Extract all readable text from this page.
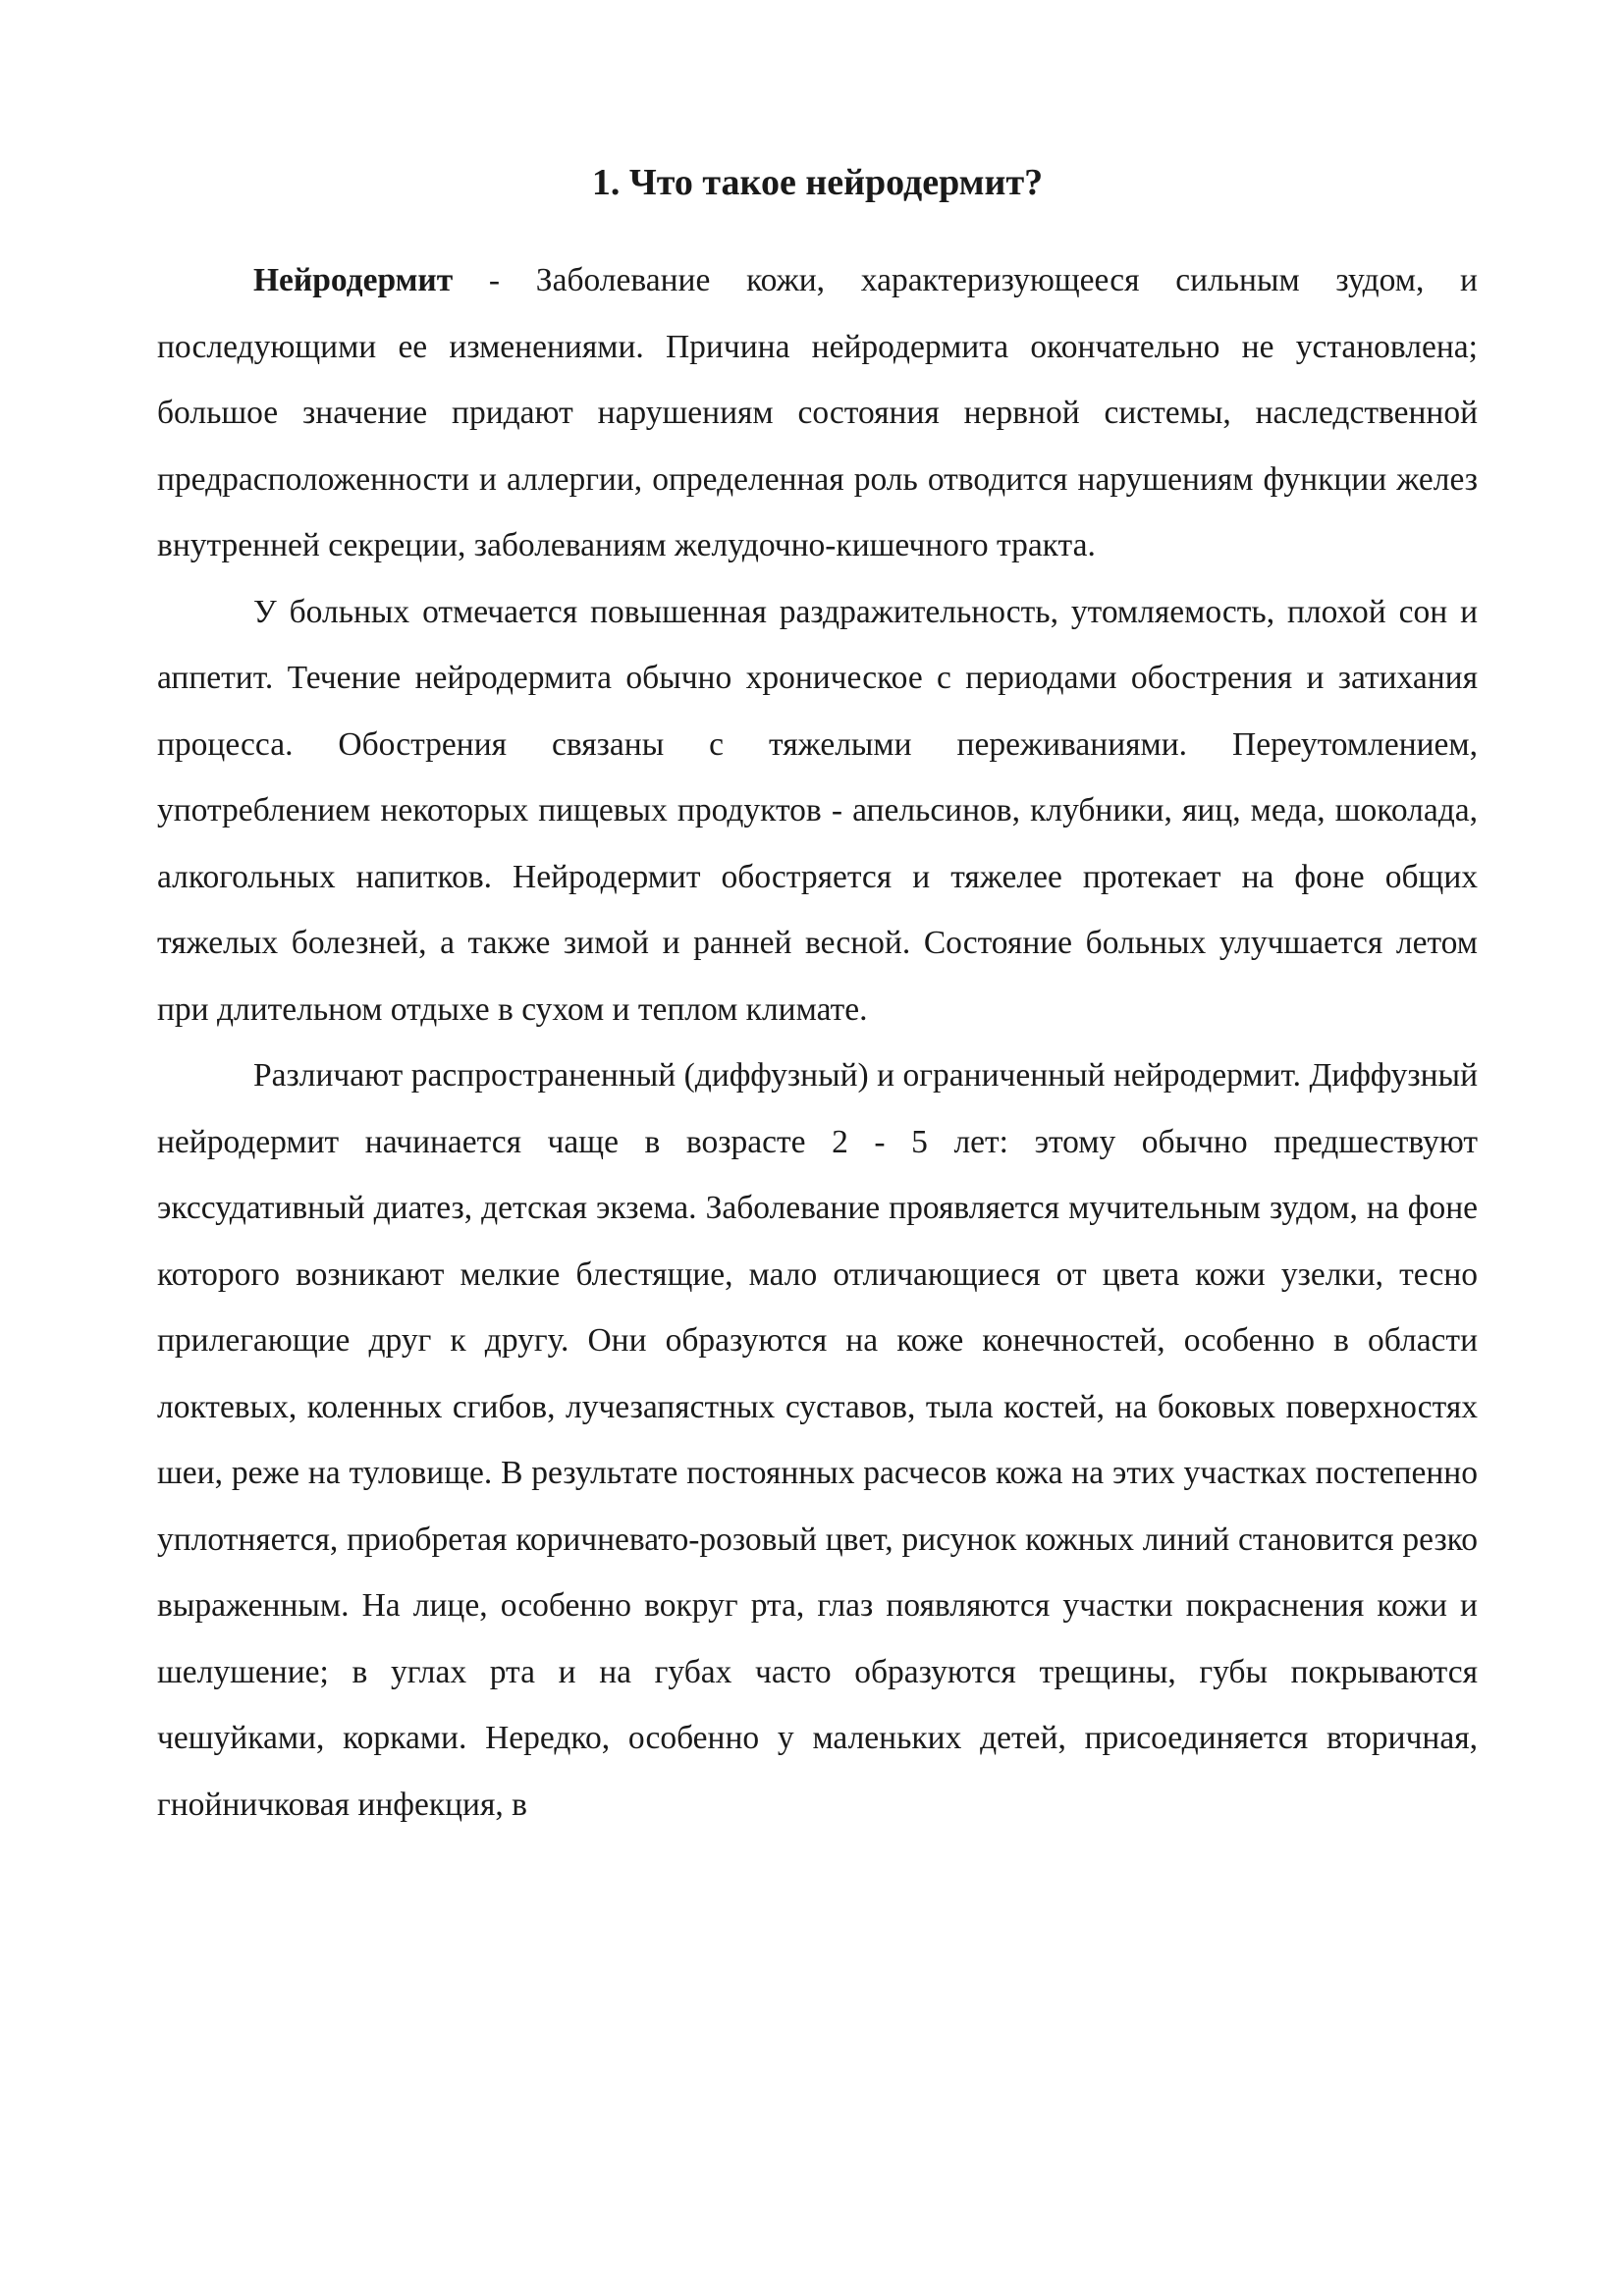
1. Что такое нейродермит?

Нейродермит - Заболевание кожи, характеризующееся сильным зудом, и последующими ее изменениями. Причина нейродермита окончательно не установлена; большое значение придают нарушениям состояния нервной системы, наследственной предрасположенности и аллергии, определенная роль отводится нарушениям функции желез внутренней секреции, заболеваниям желудочно-кишечного тракта.

У больных отмечается повышенная раздражительность, утомляемость, плохой сон и аппетит. Течение нейродермита обычно хроническое с периодами обострения и затихания процесса. Обострения связаны с тяжелыми переживаниями. Переутомлением, употреблением некоторых пищевых продуктов - апельсинов, клубники, яиц, меда, шоколада, алкогольных напитков. Нейродермит обостряется и тяжелее протекает на фоне общих тяжелых болезней, а также зимой и ранней весной. Состояние больных улучшается летом при длительном отдыхе в сухом и теплом климате.

Различают распространенный (диффузный) и ограниченный нейродермит. Диффузный нейродермит начинается чаще в возрасте 2 - 5 лет: этому обычно предшествуют экссудативный диатез, детская экзема. Заболевание проявляется мучительным зудом, на фоне которого возникают мелкие блестящие, мало отличающиеся от цвета кожи узелки, тесно прилегающие друг к другу. Они образуются на коже конечностей, особенно в области локтевых, коленных сгибов, лучезапястных суставов, тыла костей, на боковых поверхностях шеи, реже на туловище. В результате постоянных расчесов кожа на этих участках постепенно уплотняется, приобретая коричневато-розовый цвет, рисунок кожных линий становится резко выраженным. На лице, особенно вокруг рта, глаз появляются участки покраснения кожи и шелушение; в углах рта и на губах часто образуются трещины, губы покрываются чешуйками, корками. Нередко, особенно у маленьких детей, присоединяется вторичная, гнойничковая инфекция, в
